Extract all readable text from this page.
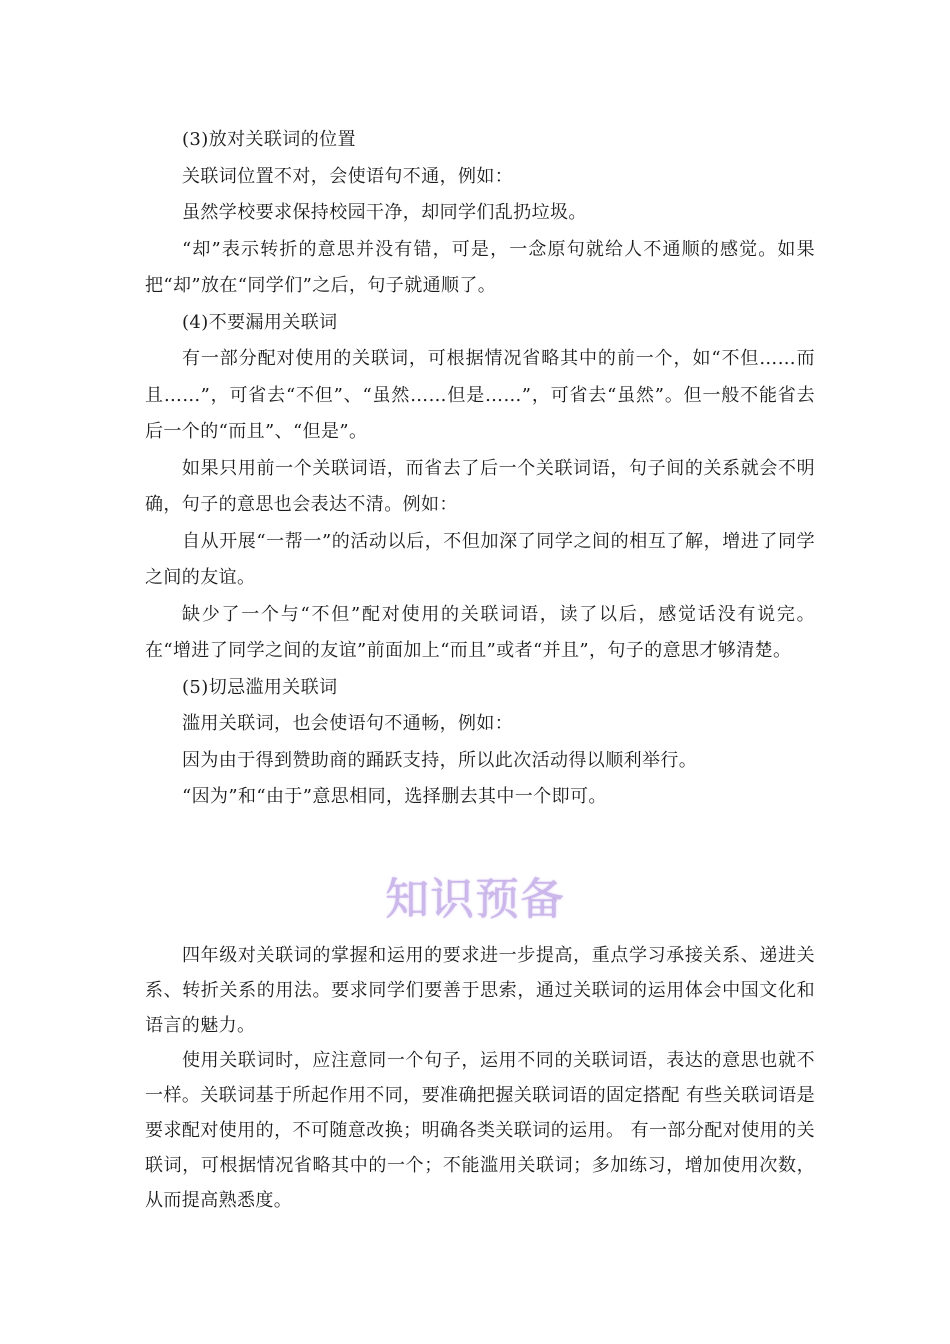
(3)放对关联词的位置

关联词位置不对，会使语句不通，例如：

虽然学校要求保持校园干净，却同学们乱扔垃圾。

“却”表示转折的意思并没有错，可是，一念原句就给人不通顺的感觉。如果把“却”放在“同学们”之后，句子就通顺了。

(4)不要漏用关联词

有一部分配对使用的关联词，可根据情况省略其中的前一个，如“不但……而且……”，可省去“不但”、“虽然……但是……”，可省去“虽然”。但一般不能省去后一个的“而且”、“但是”。

如果只用前一个关联词语，而省去了后一个关联词语，句子间的关系就会不明确，句子的意思也会表达不清。例如：

自从开展“一帮一”的活动以后，不但加深了同学之间的相互了解，增进了同学之间的友谊。

缺少了一个与“不但”配对使用的关联词语，读了以后，感觉话没有说完。在“增进了同学之间的友谊”前面加上“而且”或者“并且”，句子的意思才够清楚。

(5)切忌滥用关联词

滥用关联词，也会使语句不通畅，例如：

因为由于得到赞助商的踊跃支持，所以此次活动得以顺利举行。

“因为”和“由于”意思相同，选择删去其中一个即可。

知识预备

四年级对关联词的掌握和运用的要求进一步提高，重点学习承接关系、递进关系、转折关系的用法。要求同学们要善于思索，通过关联词的运用体会中国文化和语言的魅力。

使用关联词时，应注意同一个句子，运用不同的关联词语，表达的意思也就不一样。关联词基于所起作用不同，要准确把握关联词语的固定搭配 有些关联词语是要求配对使用的，不可随意改换；明确各类关联词的运用。 有一部分配对使用的关联词，可根据情况省略其中的一个；不能滥用关联词；多加练习，增加使用次数，从而提高熟悉度。
